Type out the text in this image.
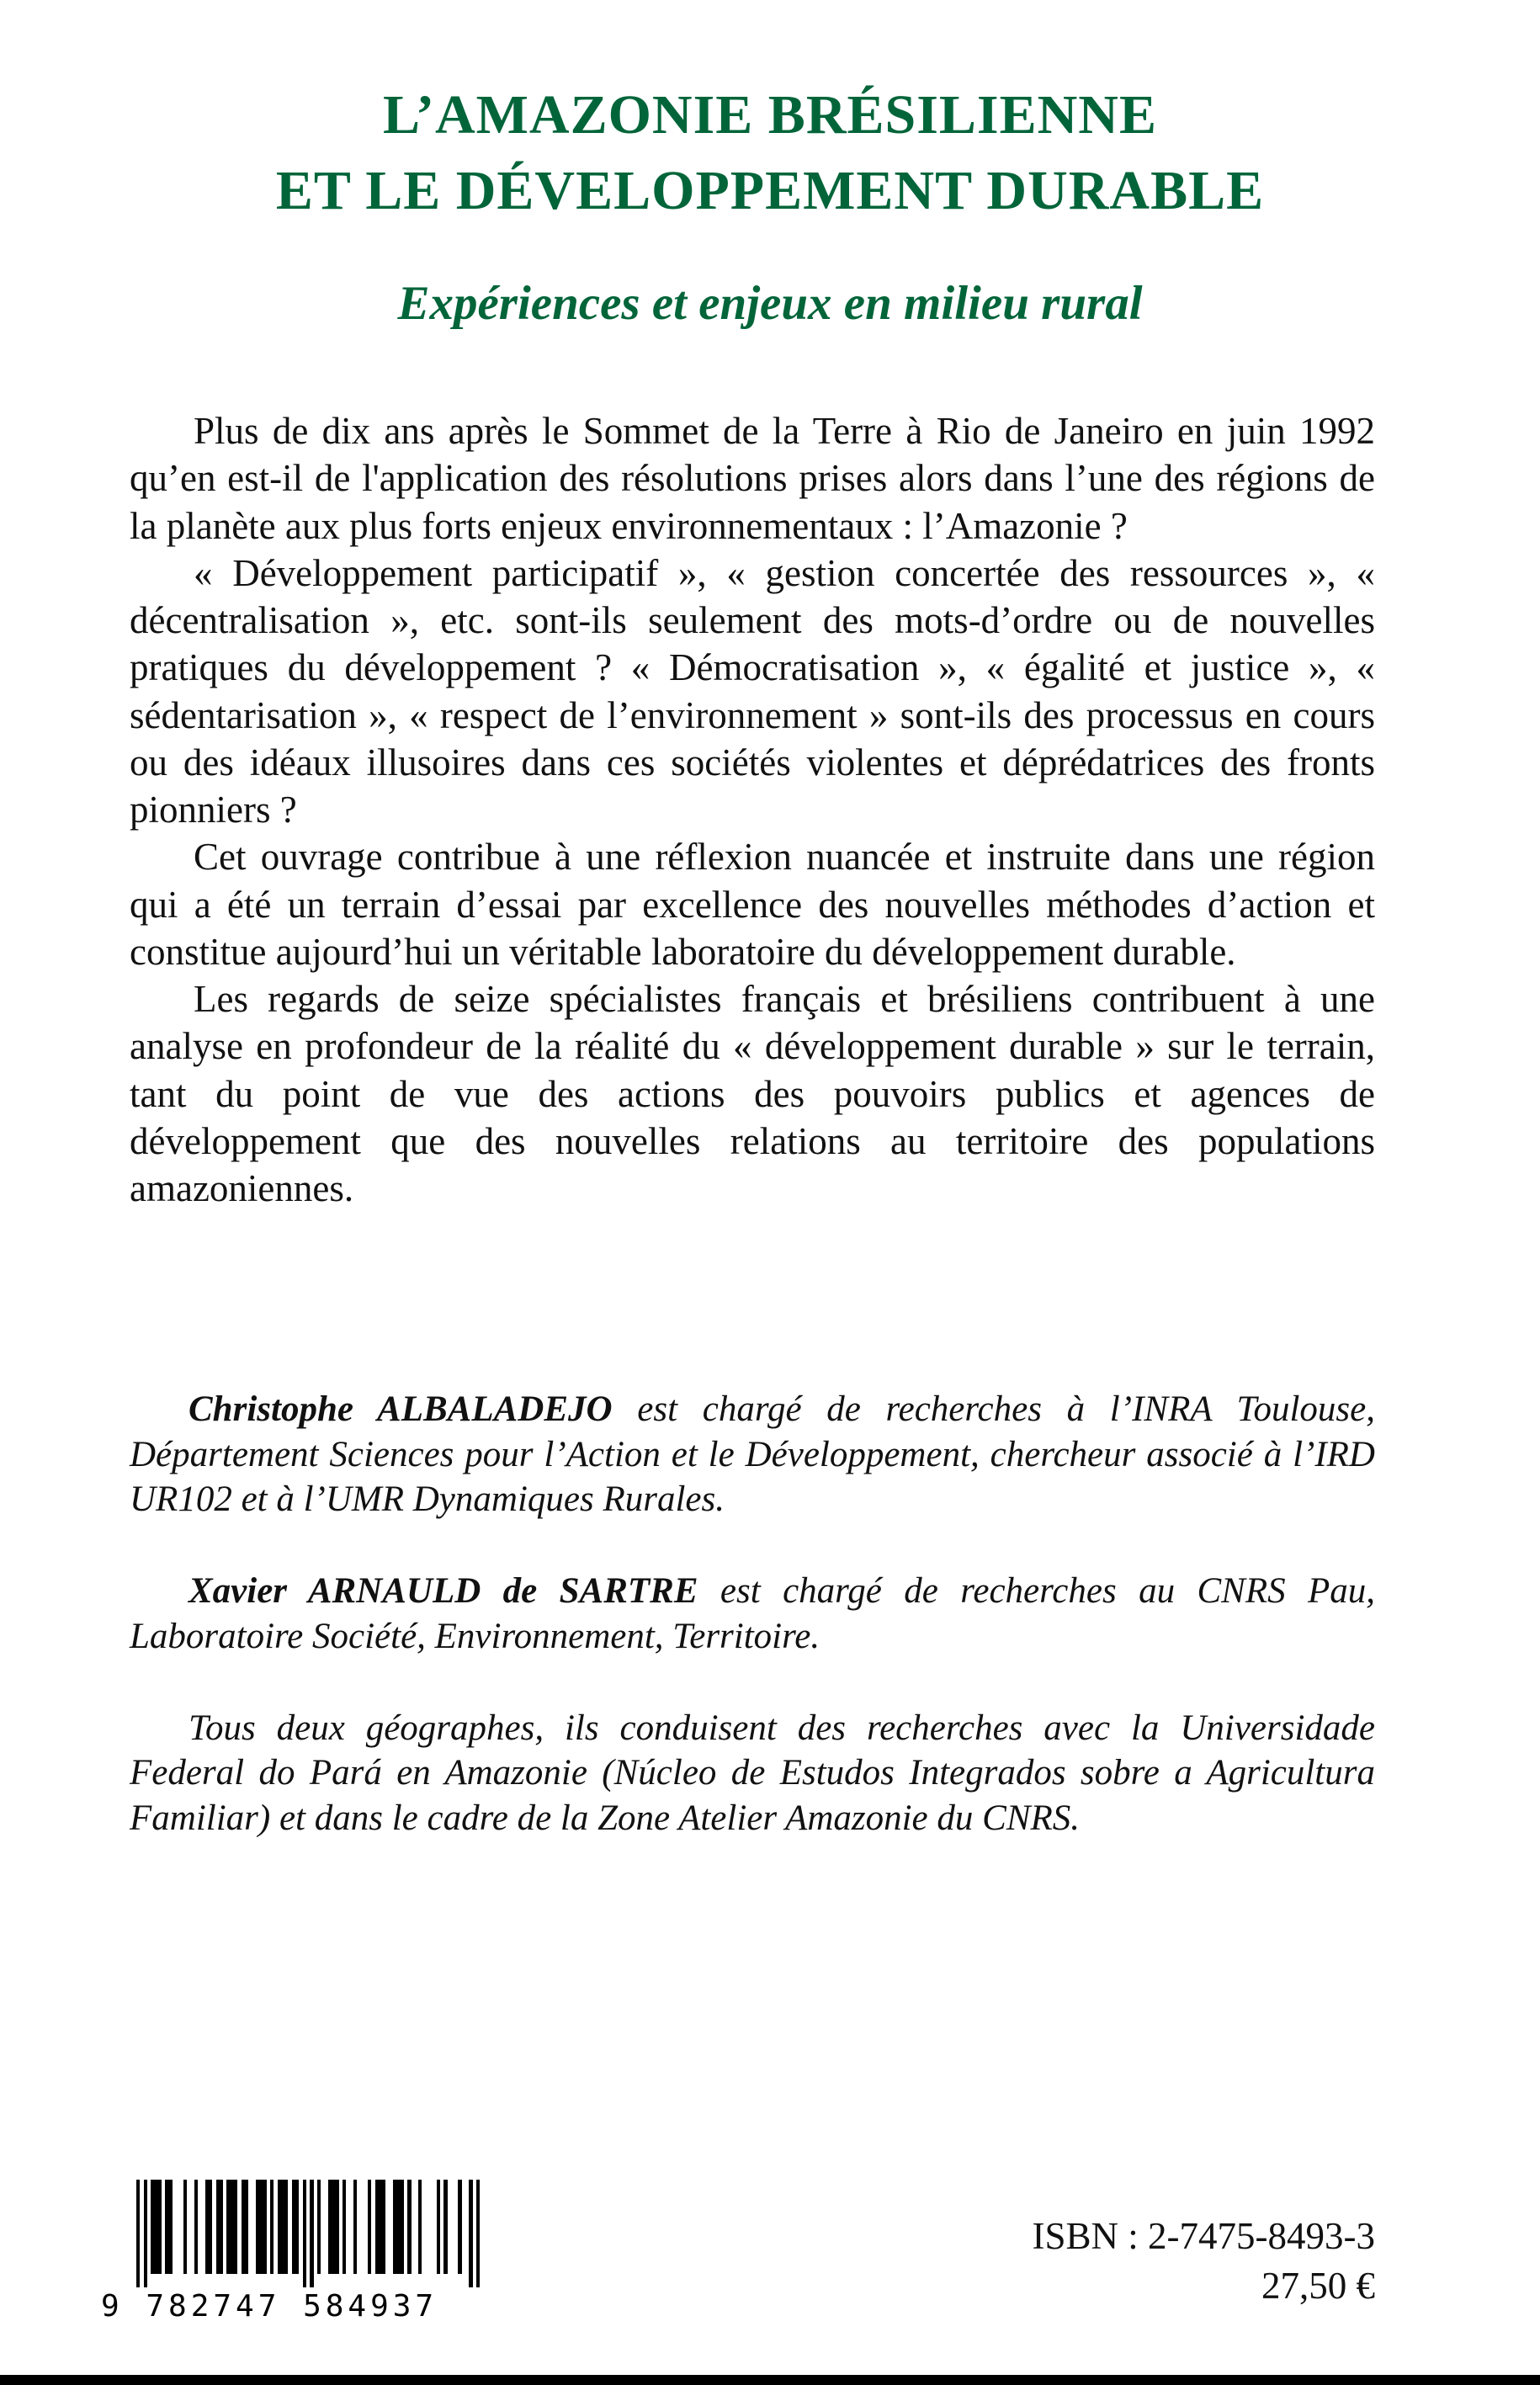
L’AMAZONIE BRÉSILIENNE
ET LE DÉVELOPPEMENT DURABLE
Expériences et enjeux en milieu rural

Plus de dix ans après le Sommet de la Terre à Rio de Janeiro en juin 1992 qu’en est-il de l'application des résolutions prises alors dans l’une des régions de la planète aux plus forts enjeux environnementaux : l’Amazonie ?

« Développement participatif », « gestion concertée des ressources », « décentralisation », etc. sont-ils seulement des mots-d’ordre ou de nouvelles pratiques du développement ? « Démocratisation », « égalité et justice », « sédentarisation », « respect de l’environnement » sont-ils des processus en cours ou des idéaux illusoires dans ces sociétés violentes et déprédatrices des fronts pionniers ?

Cet ouvrage contribue à une réflexion nuancée et instruite dans une région qui a été un terrain d’essai par excellence des nouvelles méthodes d’action et constitue aujourd’hui un véritable laboratoire du développement durable.

Les regards de seize spécialistes français et brésiliens contribuent à une analyse en profondeur de la réalité du « développement durable » sur le terrain, tant du point de vue des actions des pouvoirs publics et agences de développement que des nouvelles relations au territoire des populations amazoniennes.

Christophe ALBALADEJO est chargé de recherches à l’INRA Toulouse, Département Sciences pour l’Action et le Développement, chercheur associé à l’IRD UR102 et à l’UMR Dynamiques Rurales.

Xavier ARNAULD de SARTRE est chargé de recherches au CNRS Pau, Laboratoire Société, Environnement, Territoire.

Tous deux géographes, ils conduisent des recherches avec la Universidade Federal do Pará en Amazonie (Núcleo de Estudos Integrados sobre a Agricultura Familiar) et dans le cadre de la Zone Atelier Amazonie du CNRS.

9 782747 584937
ISBN : 2-7475-8493-3
27,50 €
